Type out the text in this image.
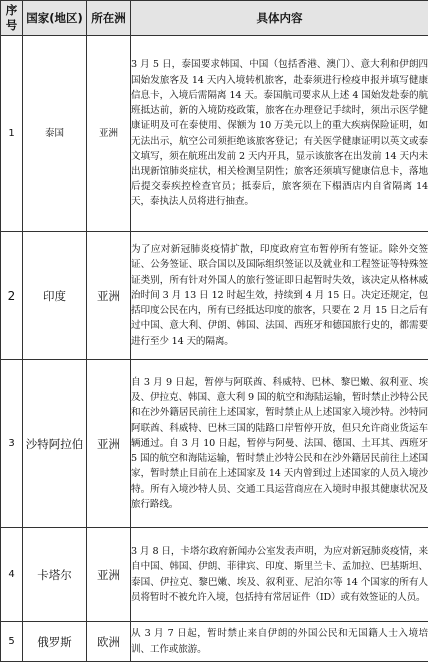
序号	国家(地区)	所在洲	具体内容
1	泰国	亚洲	3 月 5 日，泰国要求韩国、中国（包括香港、澳门）、意大利和伊朗四国始发旅客及 14 天内入境转机旅客，赴泰须进行检疫申报并填写健康信息卡，入境后需隔离 14 天。泰国航司要求从上述 4 国始发赴泰的航班抵达前，新的入境防疫政策，旅客在办理登记手续时，须出示医学健康证明及可在泰使用、保额为 10 万美元以上的重大疾病保险证明，如无法出示，航空公司须拒绝该旅客登记；有关医学健康证明以英文或泰文填写，须在航班出发前 2 天内开具，显示该旅客在出发前 14 天内未出现新馆肺炎症状，相关检测呈阴性；旅客还须填写健康信息卡，落地后提交泰疾控检查官员；抵泰后，旅客须在下榻酒店内自省隔离 14 天，泰执法人员将进行抽查。
2	印度	亚洲	为了应对新冠肺炎疫情扩散，印度政府宣布暂停所有签证。除外交签证、公务签证、联合国以及国际组织签证以及就业和工程签证等特殊签证类别，所有针对外国人的旅行签证即日起暂时失效，该决定从格林威治时间 3 月 13 日 12 时起生效，持续到 4 月 15 日。决定还规定，包括印度公民在内，所有已经抵达印度的旅客，只要在 2 月 15 日之后有过中国、意大利、伊朗、韩国、法国、西班牙和德国旅行史的，都需要进行至少 14 天的隔离。
3	沙特阿拉伯	亚洲	自 3 月 9 日起，暂停与阿联酋、科威特、巴林、黎巴嫩、叙利亚、埃及、伊拉克、韩国、意大利 9 国的航空和海陆运输，暂时禁止沙特公民和在沙外籍居民前往上述国家，暂时禁止从上述国家入境沙特。沙特同阿联酋、科威特、巴林三国的陆路口岸暂停开放，但只允许商业货运车辆通过。自 3 月 10 日起，暂停与阿曼、法国、德国、土耳其、西班牙 5 国的航空和海陆运输，暂时禁止沙特公民和在沙外籍居民前往上述国家，暂时禁止目前在上述国家及 14 天内曾到过上述国家的人员入境沙特。所有入境沙特人员、交通工具运营商应在入境时申报其健康状况及旅行路线。
4	卡塔尔	亚洲	3 月 8 日，卡塔尔政府新闻办公室发表声明，为应对新冠肺炎疫情，来自中国、韩国、伊朗、菲律宾、印度、斯里兰卡、孟加拉、巴基斯坦、泰国、伊拉克、黎巴嫩、埃及、叙利亚、尼泊尔等 14 个国家的所有人员将暂时不被允许入境，包括持有常居证件（ID）或有效签证的人员。
5	俄罗斯	欧洲	从 3 月 7 日起，暂时禁止来自伊朗的外国公民和无国籍人士入境培训、工作或旅游。
